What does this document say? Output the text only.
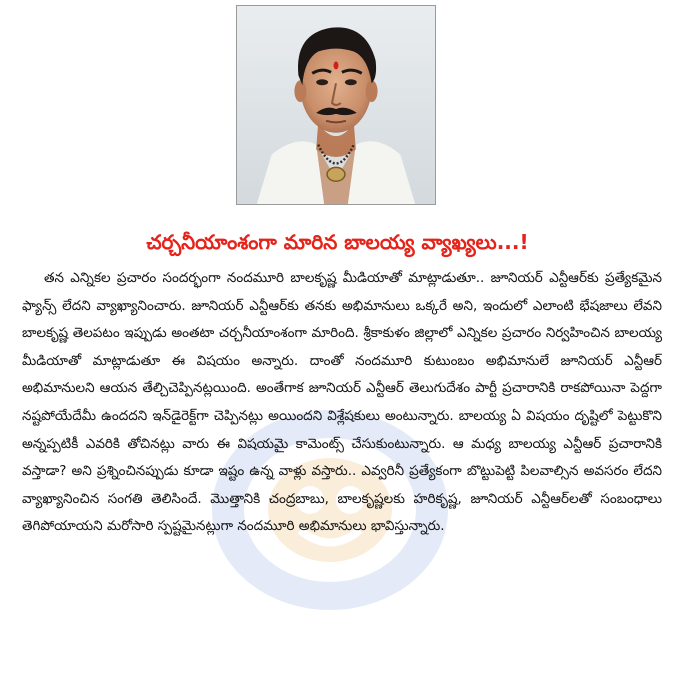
చర్చనీయాంశంగా మారిన బాలయ్య వ్యాఖ్యలు...!

తన ఎన్నికల ప్రచారం సందర్భంగా నందమూరి బాలకృష్ణ మీడియాతో మాట్లాడుతూ.. జూనియర్ ఎన్టీఆర్‌కు ప్రత్యేకమైన ఫ్యాన్స్ లేదని వ్యాఖ్యానించారు. జూనియర్ ఎన్టీఆర్‌కు తనకు అభిమానులు ఒక్కరే అని, ఇందులో ఎలాంటి భేషజాలు లేవని బాలకృష్ణ తెలపటం ఇప్పుడు అంతటా చర్చనీయాంశంగా మారింది. శ్రీకాకుళం జిల్లాలో ఎన్నికల ప్రచారం నిర్వహించిన బాలయ్య మీడియాతో మాట్లాడుతూ ఈ విషయం అన్నారు. దాంతో నందమూరి కుటుంబం అభిమానులే జూనియర్ ఎన్టీఆర్ అభిమానులని ఆయన తేల్చిచెప్పినట్లయింది. అంతేగాక జూనియర్ ఎన్టీఆర్ తెలుగుదేశం పార్టీ ప్రచారానికి రాకపోయినా పెద్దగా నష్టపోయేదేమీ ఉందదని ఇన్‌డైరెక్ట్‌గా చెప్పినట్లు అయిందని విశ్లేషకులు అంటున్నారు. బాలయ్య ఏ విషయం దృష్టిలో పెట్టుకొని అన్నప్పటికీ ఎవరికి తోచినట్లు వారు ఈ విషయమై కామెంట్స్ చేసుకుంటున్నారు. ఆ మధ్య బాలయ్య ఎన్టీఆర్ ప్రచారానికి వస్తాడా? అని ప్రశ్నించినప్పుడు కూడా ఇష్టం ఉన్న వాళ్లు వస్తారు.. ఎవ్వరినీ ప్రత్యేకంగా బొట్టుపెట్టి పిలవాల్సిన అవసరం లేదని వ్యాఖ్యానించిన సంగతి తెలిసిందే. మొత్తానికి చంద్రబాబు, బాలకృష్ణలకు హరికృష్ణ, జూనియర్ ఎన్టీఆర్‌లతో సంబంధాలు తెగిపోయాయని మరోసారి స్పష్టమైనట్లుగా నందమూరి అభిమానులు భావిస్తున్నారు.
